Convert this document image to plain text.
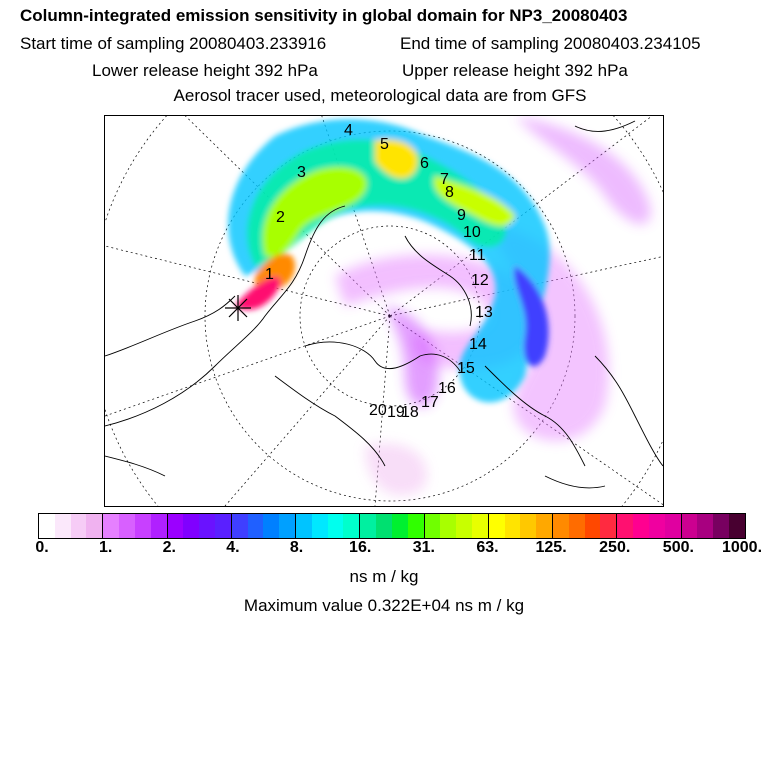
Column-integrated emission sensitivity in global domain for NP3_20080403
Start time of sampling 20080403.233916	End time of sampling 20080403.234105
Lower release height 392 hPa	Upper release height 392 hPa
Aerosol tracer used, meteorological data are from GFS
1
2
3
4
5
6
7
8
9
10
11
12
13
14
15
16
17
18
19
20
0.	1.	2.	4.	8.	16.	31.	63. 125. 250. 500. 1000.
ns m / kg
Maximum value 0.322E+04 ns m / kg
